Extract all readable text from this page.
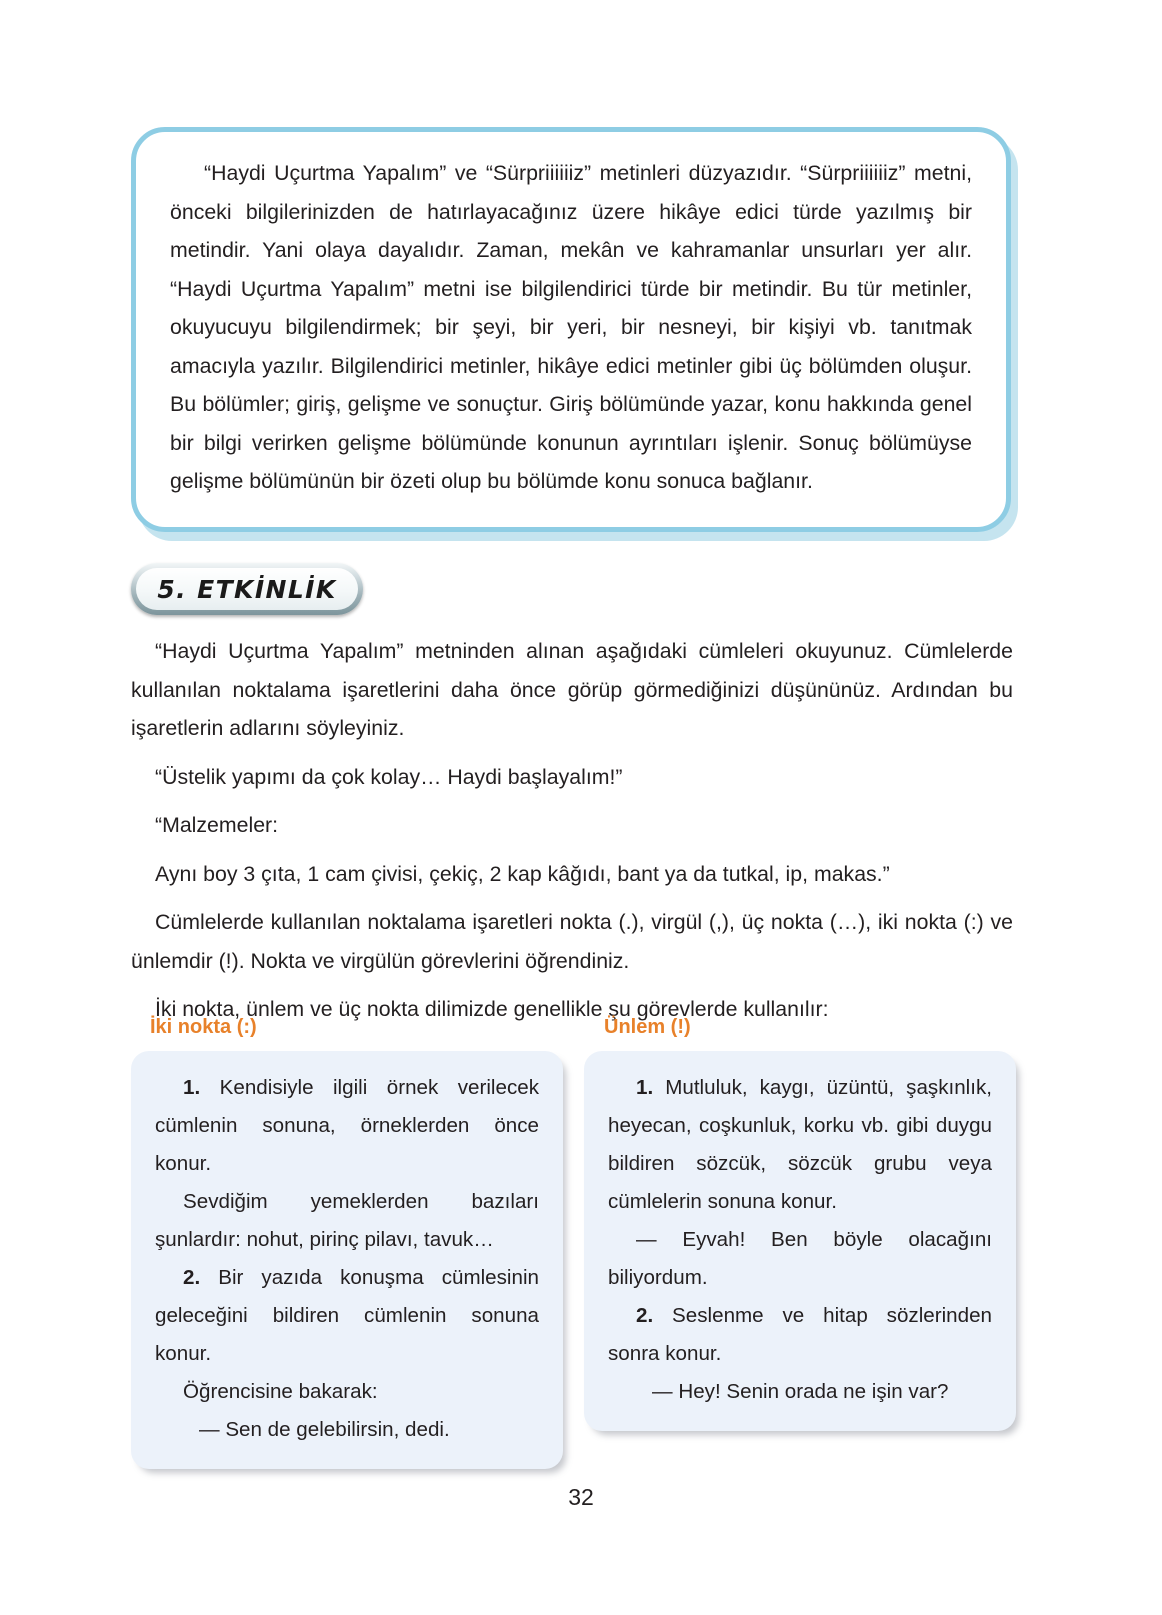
“Haydi Uçurtma Yapalım” ve “Sürpriiiiiiz” metinleri düzyazıdır. “Sürpriiiiiiz” metni, önceki bilgilerinizden de hatırlayacağınız üzere hikâye edici türde yazılmış bir metindir. Yani olaya dayalıdır. Zaman, mekân ve kahramanlar unsurları yer alır. “Haydi Uçurtma Yapalım” metni ise bilgilendirici türde bir metindir. Bu tür metinler, okuyucuyu bilgilendirmek; bir şeyi, bir yeri, bir nesneyi, bir kişiyi vb. tanıtmak amacıyla yazılır. Bilgilendirici metinler, hikâye edici metinler gibi üç bölümden oluşur. Bu bölümler; giriş, gelişme ve sonuçtur. Giriş bölümünde yazar, konu hakkında genel bir bilgi verirken gelişme bölümünde konunun ayrıntıları işlenir. Sonuç bölümüyse gelişme bölümünün bir özeti olup bu bölümde konu sonuca bağlanır.

5. ETKİNLİK

“Haydi Uçurtma Yapalım” metninden alınan aşağıdaki cümleleri okuyunuz. Cümlelerde kullanılan noktalama işaretlerini daha önce görüp görmediğinizi düşününüz. Ardından bu işaretlerin adlarını söyleyiniz.

“Üstelik yapımı da çok kolay… Haydi başlayalım!”

“Malzemeler:

Aynı boy 3 çıta, 1 cam çivisi, çekiç, 2 kap kâğıdı, bant ya da tutkal, ip, makas.”

Cümlelerde kullanılan noktalama işaretleri nokta (.), virgül (,), üç nokta (…), iki nokta (:) ve ünlemdir (!). Nokta ve virgülün görevlerini öğrendiniz.

İki nokta, ünlem ve üç nokta dilimizde genellikle şu görevlerde kullanılır:

İki nokta (:)	Ünlem (!)

1. Kendisiyle ilgili örnek verilecek cümlenin sonuna, örneklerden önce konur.

Sevdiğim yemeklerden bazıları şunlardır: nohut, pirinç pilavı, tavuk…

2. Bir yazıda konuşma cümlesinin geleceğini bildiren cümlenin sonuna konur.

Öğrencisine bakarak:

— Sen de gelebilirsin, dedi.

1. Mutluluk, kaygı, üzüntü, şaşkınlık, heyecan, coşkunluk, korku vb. gibi duygu bildiren sözcük, sözcük grubu veya cümlelerin sonuna konur.

— Eyvah! Ben böyle olacağını biliyordum.

2. Seslenme ve hitap sözlerinden sonra konur.

— Hey! Senin orada ne işin var?

32
